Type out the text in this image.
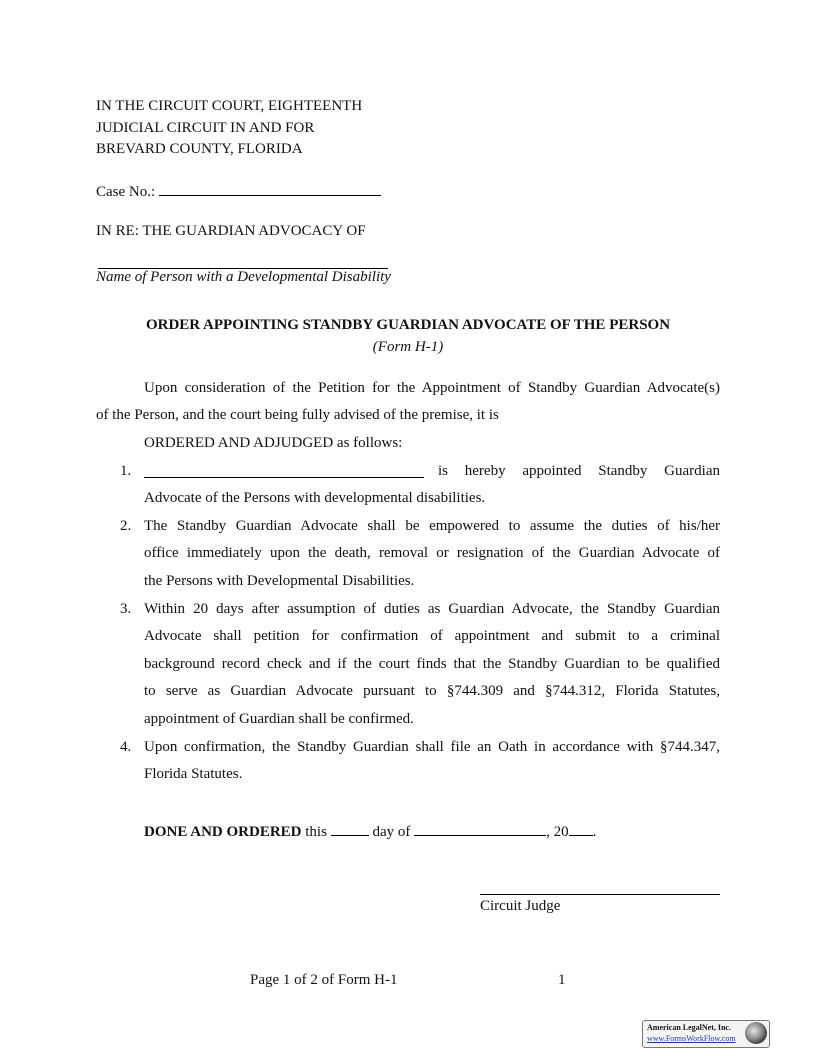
IN THE CIRCUIT COURT, EIGHTEENTH
JUDICIAL CIRCUIT IN AND FOR
BREVARD COUNTY, FLORIDA
Case No.:
IN RE: THE GUARDIAN ADVOCACY OF
Name of Person with a Developmental Disability
ORDER APPOINTING STANDBY GUARDIAN ADVOCATE OF THE PERSON
(Form H-1)
Upon consideration of the Petition for the Appointment of Standby Guardian Advocate(s)
of the Person, and the court being fully advised of the premise, it is
ORDERED AND ADJUDGED as follows:
1.	is hereby appointed Standby Guardian
Advocate of the Persons with developmental disabilities.
2. The Standby Guardian Advocate shall be empowered to assume the duties of his/her
office immediately upon the death, removal or resignation of the Guardian Advocate of
the Persons with Developmental Disabilities.
3. Within 20 days after assumption of duties as Guardian Advocate, the Standby Guardian
Advocate shall petition for confirmation of appointment and submit to a criminal
background record check and if the court finds that the Standby Guardian to be qualified
to serve as Guardian Advocate pursuant to §744.309 and §744.312, Florida Statutes,
appointment of Guardian shall be confirmed.
4. Upon confirmation, the Standby Guardian shall file an Oath in accordance with §744.347,
Florida Statutes.
DONE AND ORDERED this	day of	, 20 .
Circuit Judge
Page 1 of 2 of Form H-1	1
American LegalNet, Inc.
www.FormsWorkFlow.com
